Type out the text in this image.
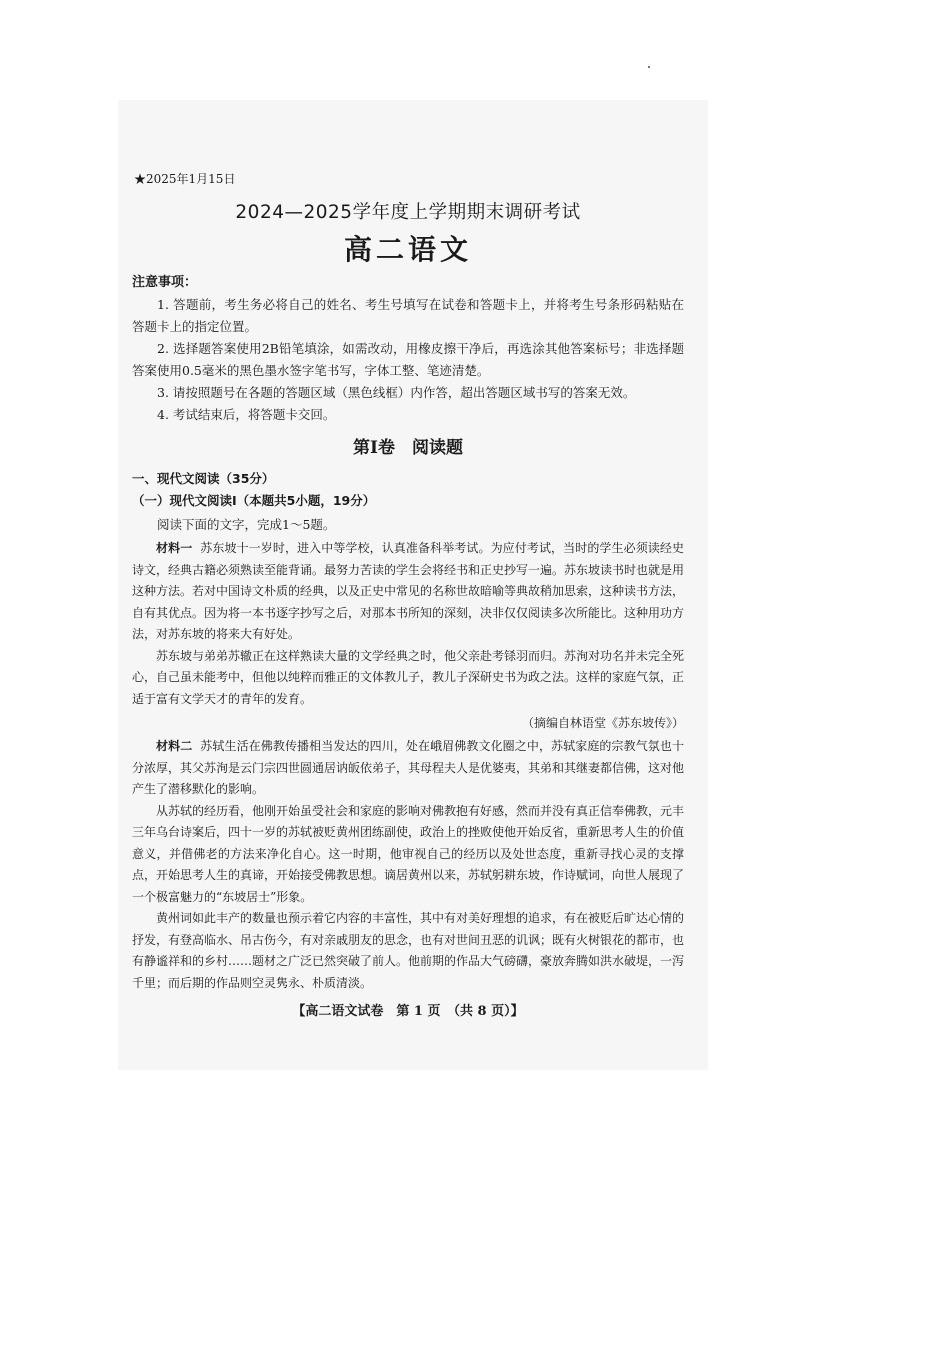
★2025年1月15日
2024—2025学年度上学期期末调研考试
高二语文
注意事项：

1. 答题前，考生务必将自己的姓名、考生号填写在试卷和答题卡上，并将考生号条形码粘贴在答题卡上的指定位置。

2. 选择题答案使用2B铅笔填涂，如需改动，用橡皮擦干净后，再选涂其他答案标号；非选择题答案使用0.5毫米的黑色墨水签字笔书写，字体工整、笔迹清楚。

3. 请按照题号在各题的答题区域（黑色线框）内作答，超出答题区域书写的答案无效。

4. 考试结束后，将答题卡交回。

第Ⅰ卷　阅读题
一、现代文阅读（35分）
（一）现代文阅读Ⅰ（本题共5小题，19分）

阅读下面的文字，完成1～5题。

材料一 苏东坡十一岁时，进入中等学校，认真准备科举考试。为应付考试，当时的学生必须读经史诗文，经典古籍必须熟读至能背诵。最努力苦读的学生会将经书和正史抄写一遍。苏东坡读书时也就是用这种方法。若对中国诗文朴质的经典，以及正史中常见的名称世故暗喻等典故稍加思索，这种读书方法，自有其优点。因为将一本书逐字抄写之后，对那本书所知的深刻，决非仅仅阅读多次所能比。这种用功方法，对苏东坡的将来大有好处。

苏东坡与弟弟苏辙正在这样熟读大量的文学经典之时，他父亲赴考铩羽而归。苏洵对功名并未完全死心，自己虽未能考中，但他以纯粹而雅正的文体教儿子，教儿子深研史书为政之法。这样的家庭气氛，正适于富有文学天才的青年的发育。

（摘编自林语堂《苏东坡传》）

材料二 苏轼生活在佛教传播相当发达的四川，处在峨眉佛教文化圈之中，苏轼家庭的宗教气氛也十分浓厚，其父苏洵是云门宗四世圆通居讷皈依弟子，其母程夫人是优婆夷，其弟和其继妻都信佛，这对他产生了潜移默化的影响。

从苏轼的经历看，他刚开始虽受社会和家庭的影响对佛教抱有好感，然而并没有真正信奉佛教，元丰三年乌台诗案后，四十一岁的苏轼被贬黄州团练副使，政治上的挫败使他开始反省，重新思考人生的价值意义，并借佛老的方法来净化自心。这一时期，他审视自己的经历以及处世态度，重新寻找心灵的支撑点，开始思考人生的真谛，开始接受佛教思想。谪居黄州以来，苏轼躬耕东坡，作诗赋词，向世人展现了一个极富魅力的“东坡居士”形象。

黄州词如此丰产的数量也预示着它内容的丰富性，其中有对美好理想的追求，有在被贬后旷达心情的抒发，有登高临水、吊古伤今，有对亲戚朋友的思念，也有对世间丑恶的讥讽；既有火树银花的都市，也有静谧祥和的乡村……题材之广泛已然突破了前人。他前期的作品大气磅礴，豪放奔腾如洪水破堤，一泻千里；而后期的作品则空灵隽永、朴质清淡。

【高二语文试卷　第 1 页　（共 8 页）】
